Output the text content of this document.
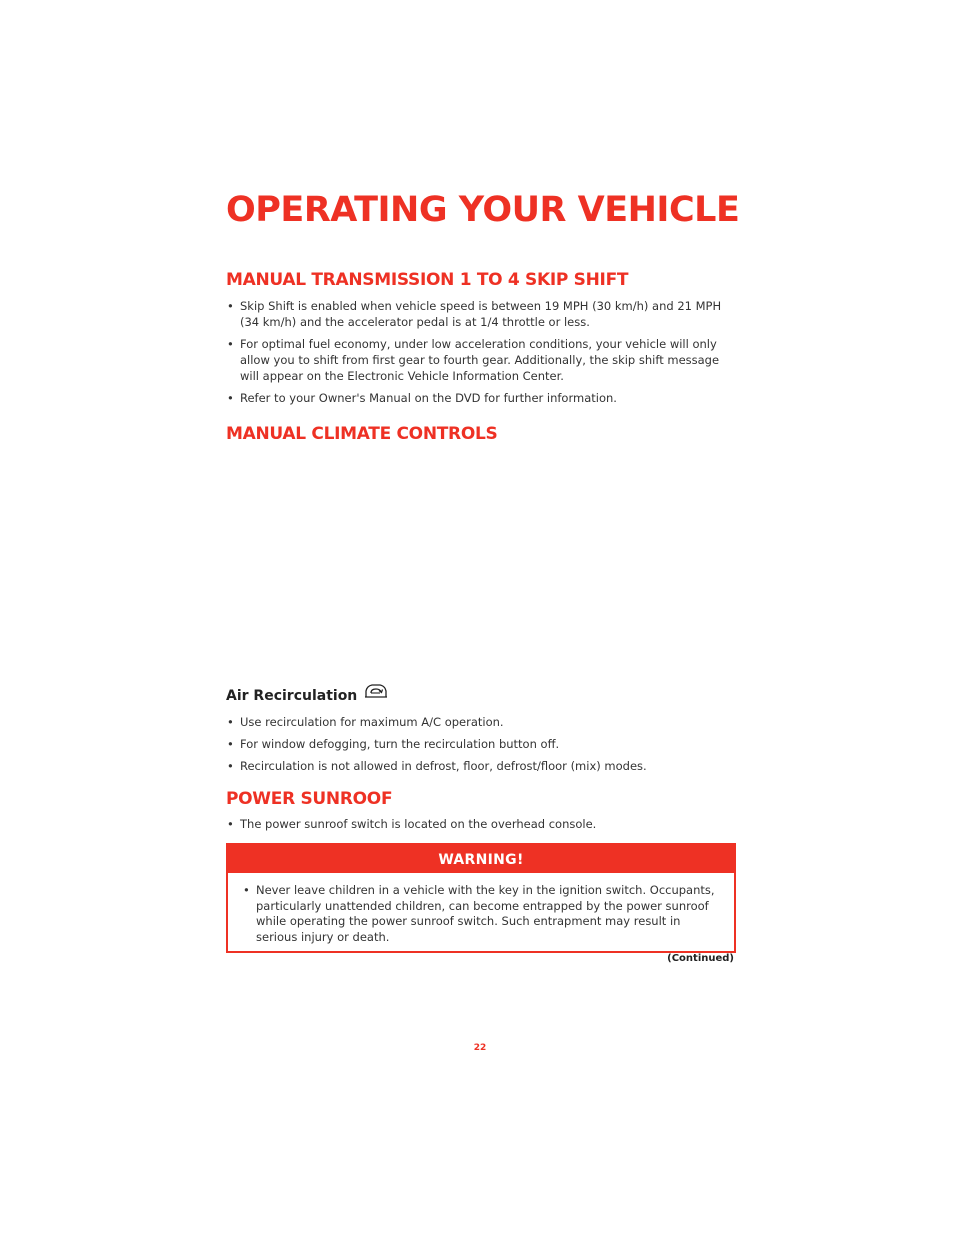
OPERATING YOUR VEHICLE
MANUAL TRANSMISSION 1 TO 4 SKIP SHIFT
• Skip Shift is enabled when vehicle speed is between 19 MPH (30 km/h) and 21 MPH (34 km/h) and the accelerator pedal is at 1/4 throttle or less.
• For optimal fuel economy, under low acceleration conditions, your vehicle will only allow you to shift from first gear to fourth gear. Additionally, the skip shift message will appear on the Electronic Vehicle Information Center.
• Refer to your Owner's Manual on the DVD for further information.
MANUAL CLIMATE CONTROLS
Air Recirculation
• Use recirculation for maximum A/C operation.
• For window defogging, turn the recirculation button off.
• Recirculation is not allowed in defrost, floor, defrost/floor (mix) modes.
POWER SUNROOF
• The power sunroof switch is located on the overhead console.
WARNING!
• Never leave children in a vehicle with the key in the ignition switch. Occupants, particularly unattended children, can become entrapped by the power sunroof while operating the power sunroof switch. Such entrapment may result in serious injury or death.
(Continued)
22
